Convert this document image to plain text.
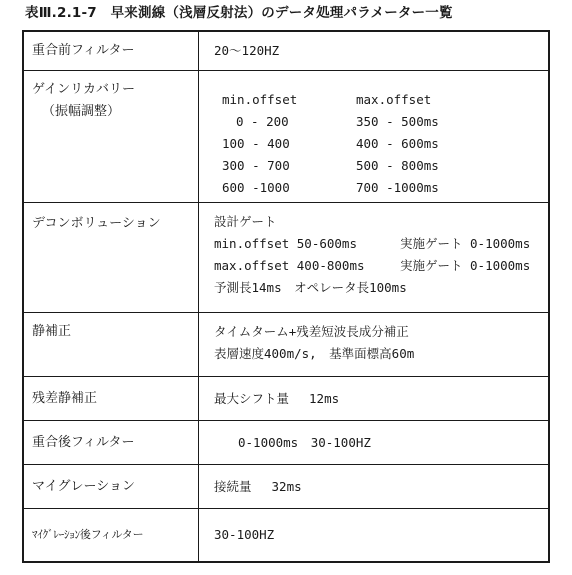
表Ⅲ.2.1-7　早来測線（浅層反射法）のデータ処理パラメーター一覧
重合前フィルター	20〜120HZ
ゲインリカバリー
（振幅調整）
min.offset	max.offset
0 - 200	350 - 500ms
100 - 400	400 - 600ms
300 - 700	500 - 800ms
600 -1000	700 -1000ms
デコンボリューション	設計ゲート
min.offset 50-600ms	実施ゲート 0-1000ms
max.offset 400-800ms	実施ゲート 0-1000ms
予測長14ms　オペレータ長100ms
静補正	タイムターム+残差短波長成分補正
表層速度400m/s,　基準面標高60m
残差静補正	最大シフト量　 12ms
重合後フィルター	0-1000ms　30-100HZ
マイグレーション	接続量　 32ms
ﾏｲｸﾞﾚｰｼｮﾝ後フィルター	30-100HZ
